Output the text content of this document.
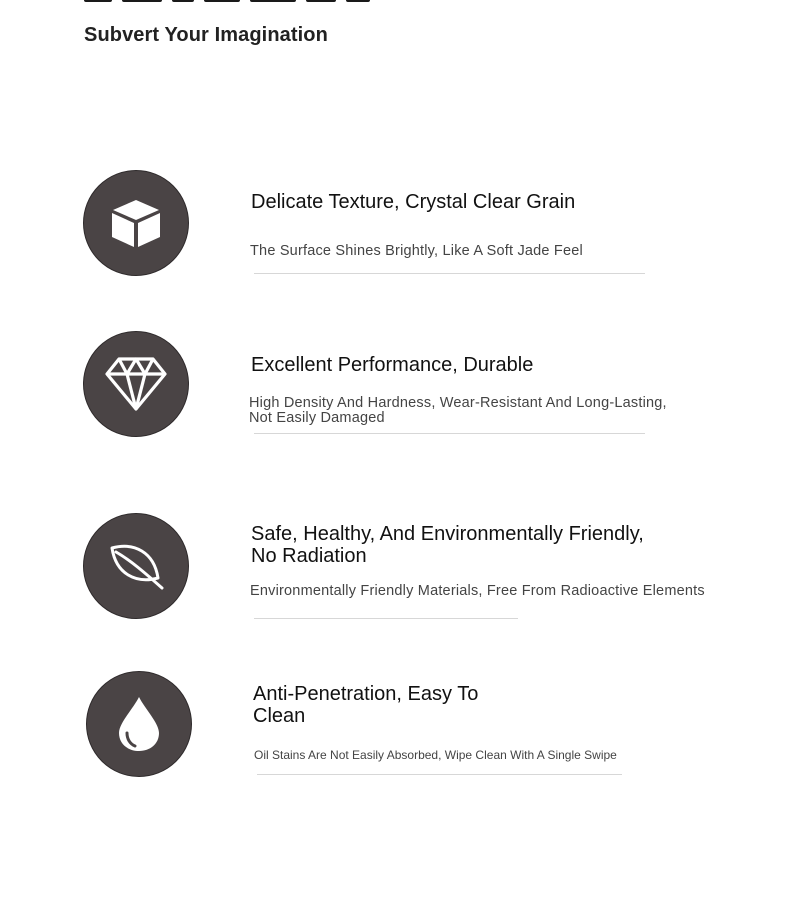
Subvert Your Imagination
Delicate Texture, Crystal Clear Grain
The Surface Shines Brightly, Like A Soft Jade Feel
Excellent Performance, Durable
High Density And Hardness, Wear-Resistant And Long-Lasting, Not Easily Damaged
Safe, Healthy, And Environmentally Friendly,
No Radiation
Environmentally Friendly Materials, Free From Radioactive Elements
Anti-Penetration, Easy To
Clean
Oil Stains Are Not Easily Absorbed, Wipe Clean With A Single Swipe
